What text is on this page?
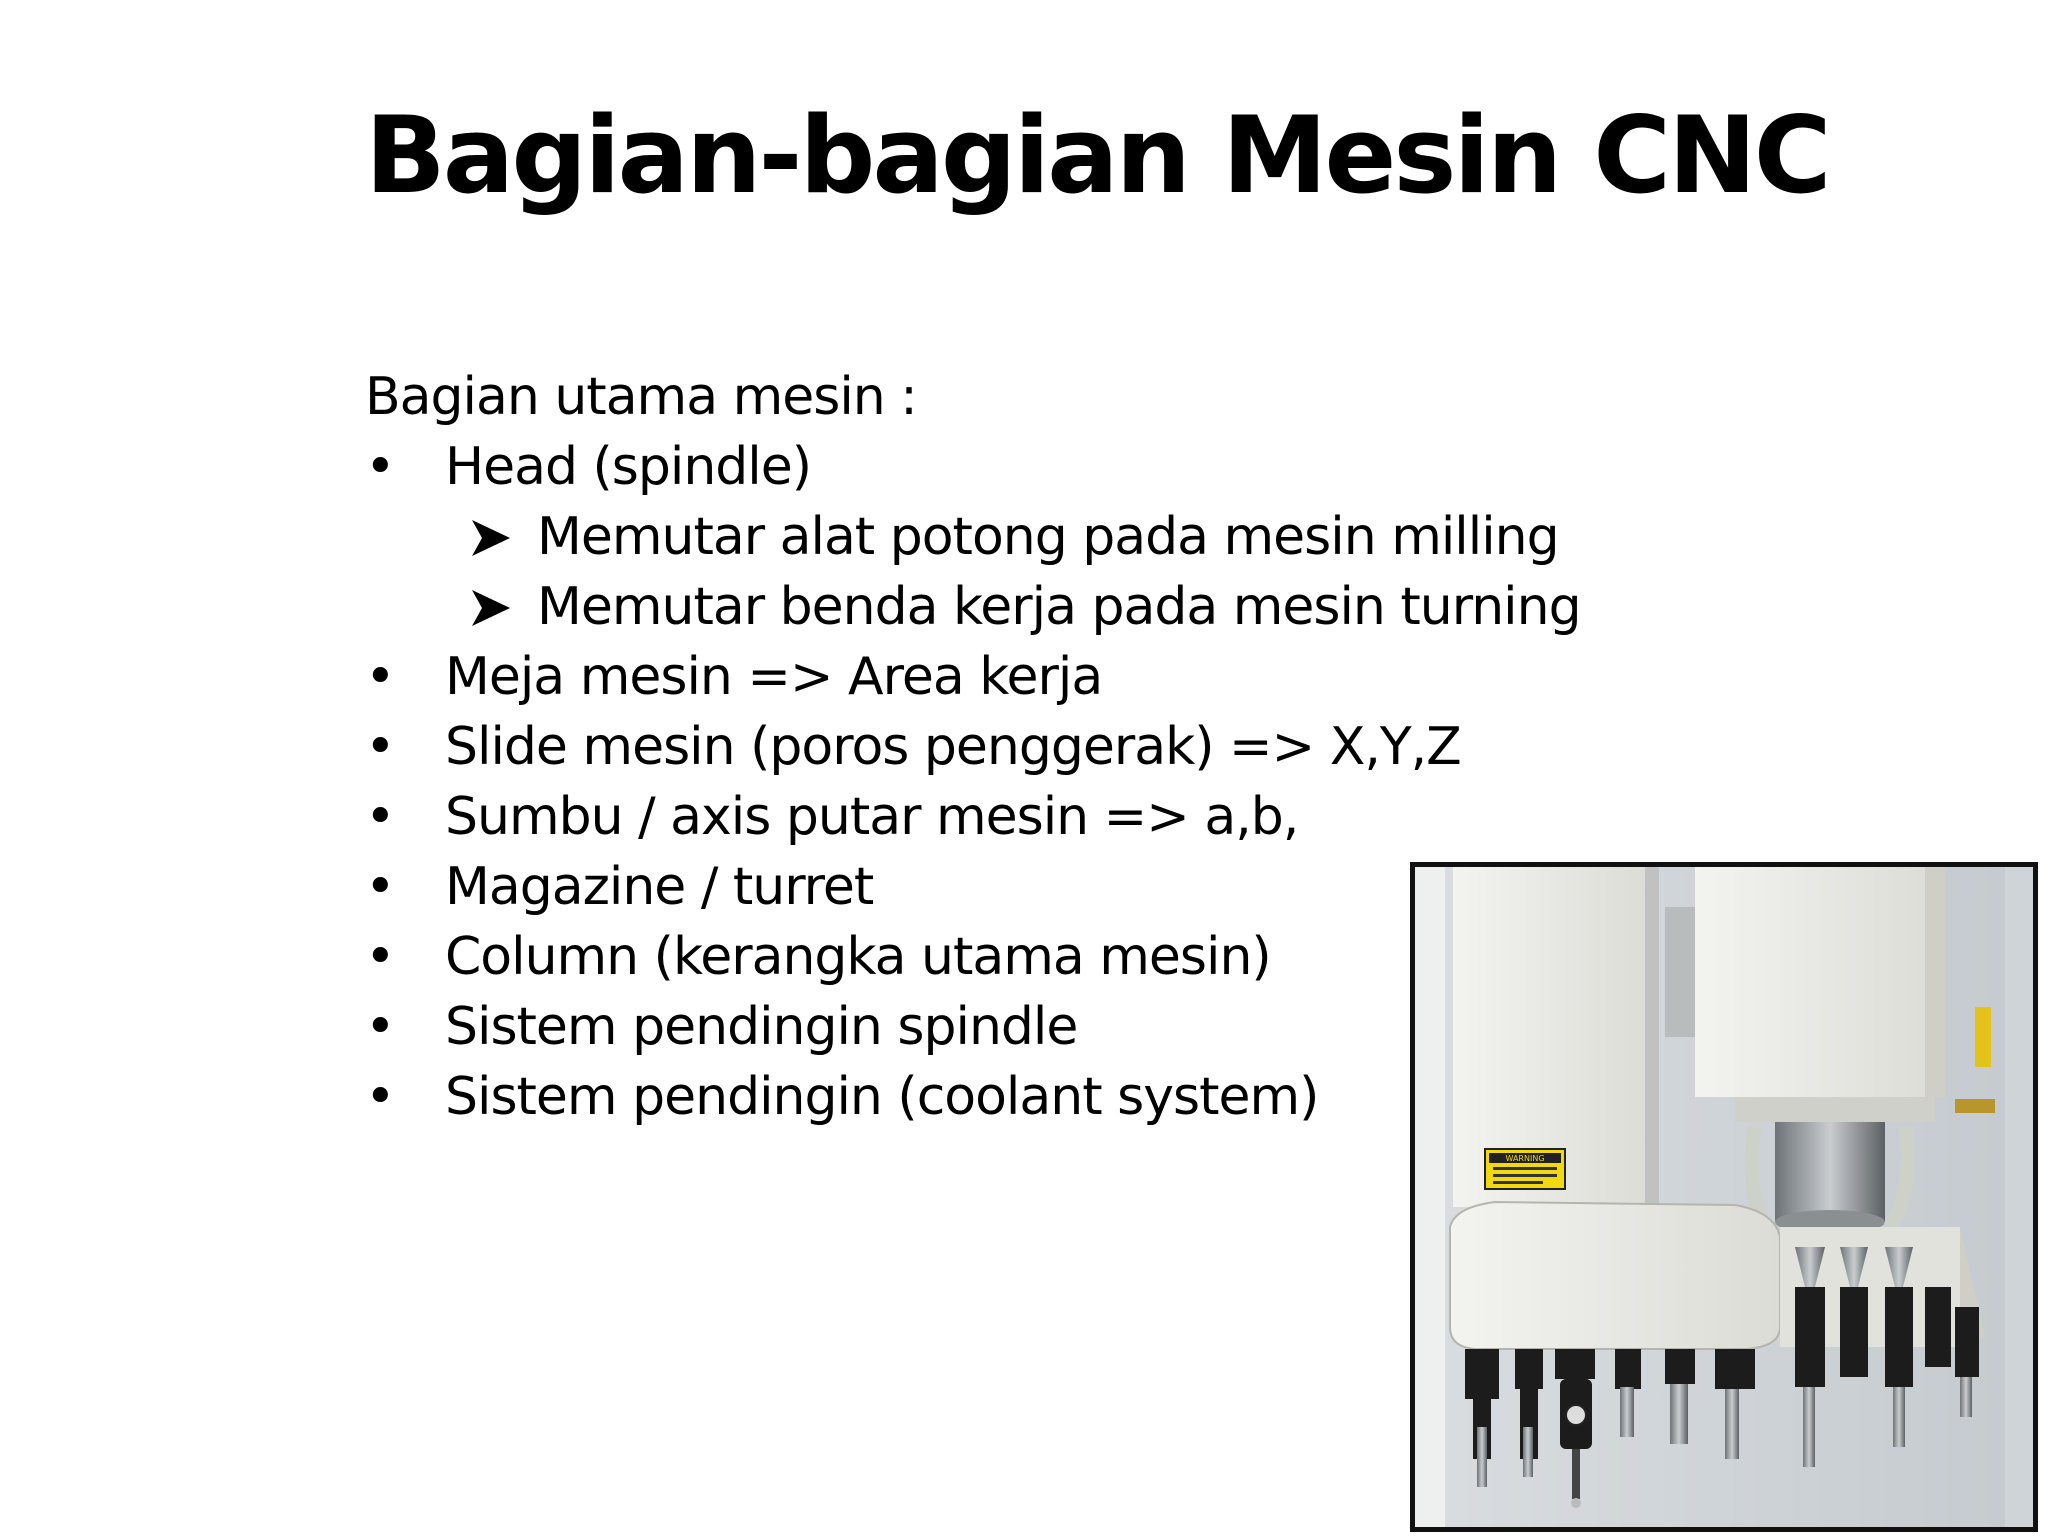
Bagian-bagian Mesin CNC
Bagian utama mesin :
• Head (spindle)
Memutar alat potong pada mesin milling
Memutar benda kerja pada mesin turning
• Meja mesin => Area kerja
• Slide mesin (poros penggerak) => X,Y,Z
• Sumbu / axis putar mesin => a,b,
• Magazine / turret
• Column (kerangka utama mesin)
• Sistem pendingin spindle
• Sistem pendingin (coolant system)
WARNING
